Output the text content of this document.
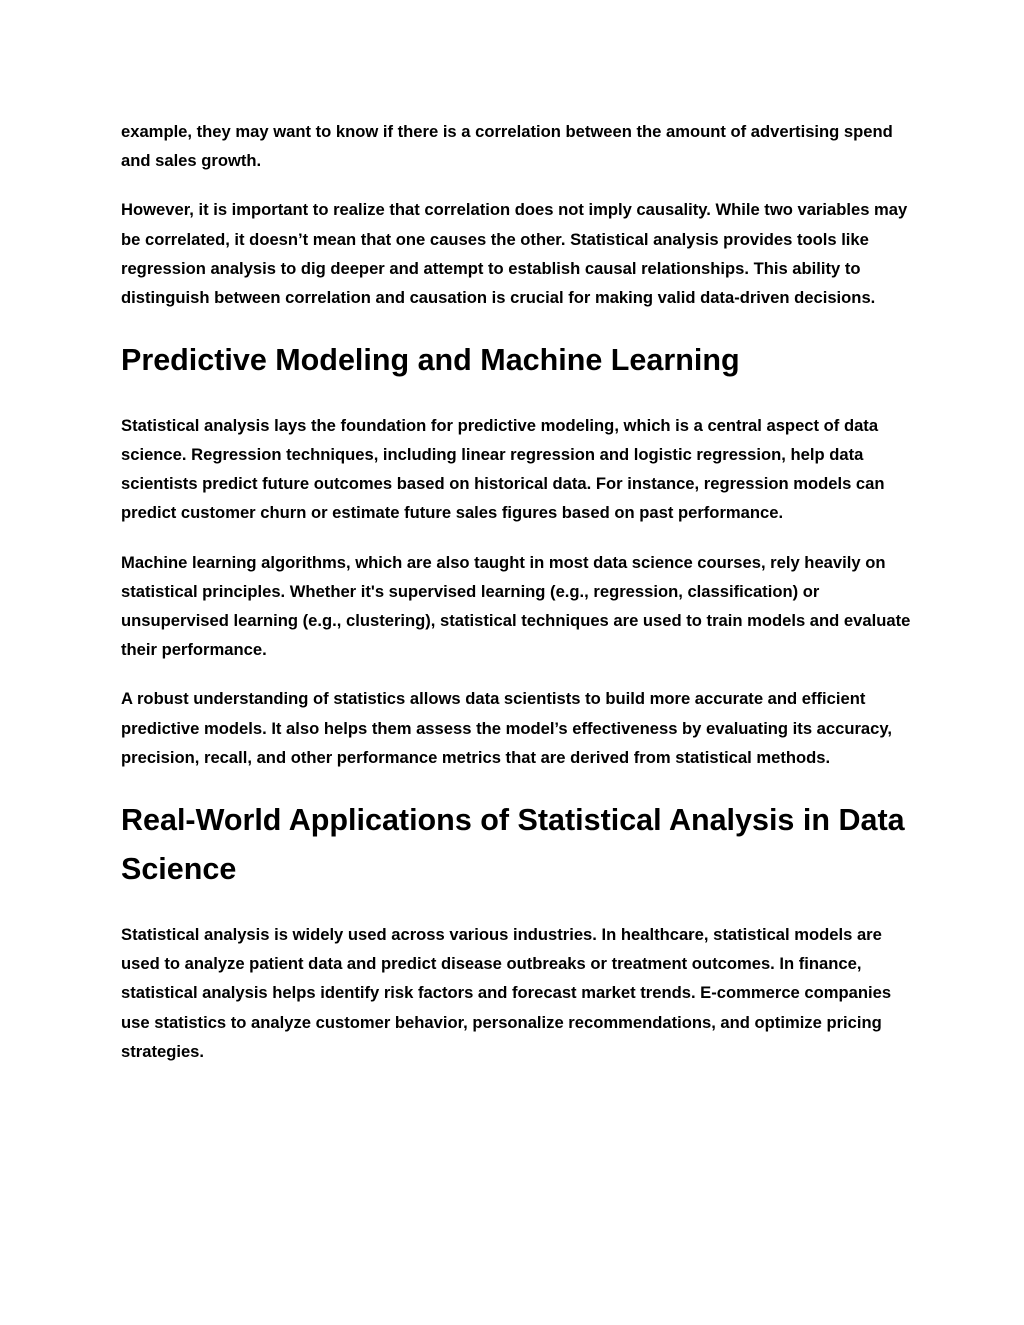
example, they may want to know if there is a correlation between the amount of advertising spend and sales growth.

However, it is important to realize that correlation does not imply causality. While two variables may be correlated, it doesn’t mean that one causes the other. Statistical analysis provides tools like regression analysis to dig deeper and attempt to establish causal relationships. This ability to distinguish between correlation and causation is crucial for making valid data-driven decisions.

Predictive Modeling and Machine Learning

Statistical analysis lays the foundation for predictive modeling, which is a central aspect of data science. Regression techniques, including linear regression and logistic regression, help data scientists predict future outcomes based on historical data. For instance, regression models can predict customer churn or estimate future sales figures based on past performance.

Machine learning algorithms, which are also taught in most data science courses, rely heavily on statistical principles. Whether it's supervised learning (e.g., regression, classification) or unsupervised learning (e.g., clustering), statistical techniques are used to train models and evaluate their performance.

A robust understanding of statistics allows data scientists to build more accurate and efficient predictive models. It also helps them assess the model’s effectiveness by evaluating its accuracy, precision, recall, and other performance metrics that are derived from statistical methods.

Real-World Applications of Statistical Analysis in Data Science

Statistical analysis is widely used across various industries. In healthcare, statistical models are used to analyze patient data and predict disease outbreaks or treatment outcomes. In finance, statistical analysis helps identify risk factors and forecast market trends. E-commerce companies use statistics to analyze customer behavior, personalize recommendations, and optimize pricing strategies.
